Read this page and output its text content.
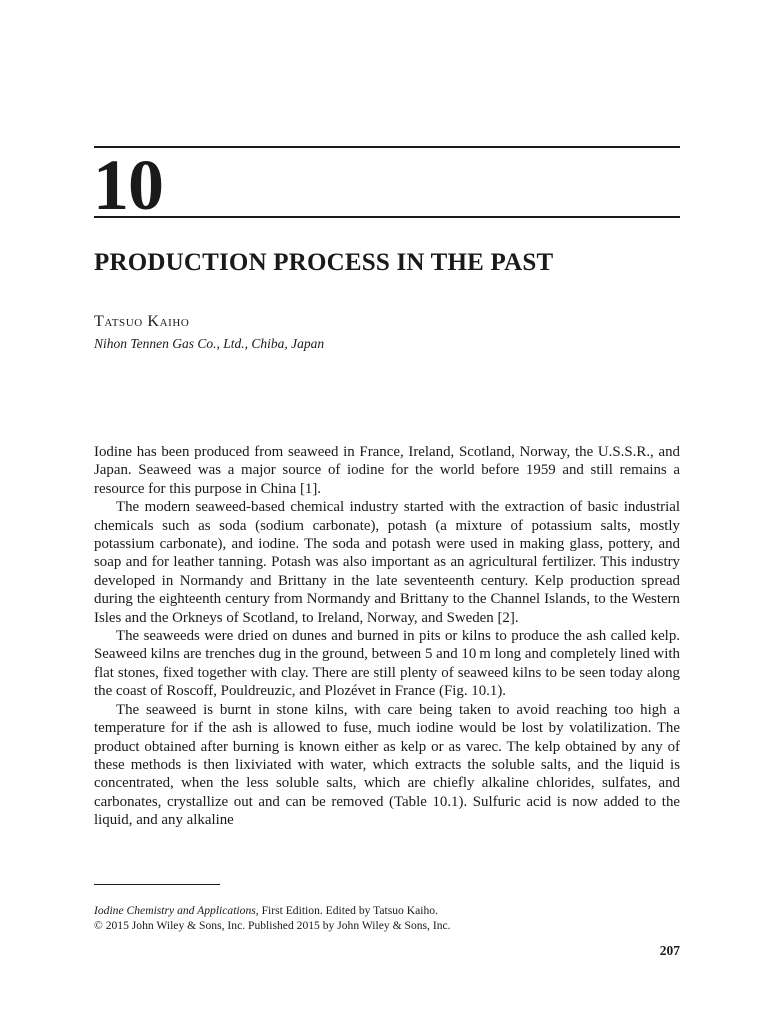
10
PRODUCTION PROCESS IN THE PAST
Tatsuo Kaiho
Nihon Tennen Gas Co., Ltd., Chiba, Japan

Iodine has been produced from seaweed in France, Ireland, Scotland, Norway, the U.S.S.R., and Japan. Seaweed was a major source of iodine for the world before 1959 and still remains a resource for this purpose in China [1].

The modern seaweed-based chemical industry started with the extraction of basic industrial chemicals such as soda (sodium carbonate), potash (a mixture of potassium salts, mostly potassium carbonate), and iodine. The soda and potash were used in making glass, pottery, and soap and for leather tanning. Potash was also important as an agricultural fertilizer. This industry developed in Normandy and Brittany in the late seventeenth century. Kelp production spread during the eighteenth century from Normandy and Brittany to the Channel Islands, to the Western Isles and the Orkneys of Scotland, to Ireland, Norway, and Sweden [2].

The seaweeds were dried on dunes and burned in pits or kilns to produce the ash called kelp. Seaweed kilns are trenches dug in the ground, between 5 and 10 m long and completely lined with flat stones, fixed together with clay. There are still plenty of seaweed kilns to be seen today along the coast of Roscoff, Pouldreuzic, and Plozévet in France (Fig. 10.1).

The seaweed is burnt in stone kilns, with care being taken to avoid reaching too high a temperature for if the ash is allowed to fuse, much iodine would be lost by volatilization. The product obtained after burning is known either as kelp or as varec. The kelp obtained by any of these methods is then lixiviated with water, which extracts the soluble salts, and the liquid is concentrated, when the less soluble salts, which are chiefly alkaline chlorides, sulfates, and carbonates, crystallize out and can be removed (Table 10.1). Sulfuric acid is now added to the liquid, and any alkaline

Iodine Chemistry and Applications, First Edition. Edited by Tatsuo Kaiho.
© 2015 John Wiley & Sons, Inc. Published 2015 by John Wiley & Sons, Inc.
207
